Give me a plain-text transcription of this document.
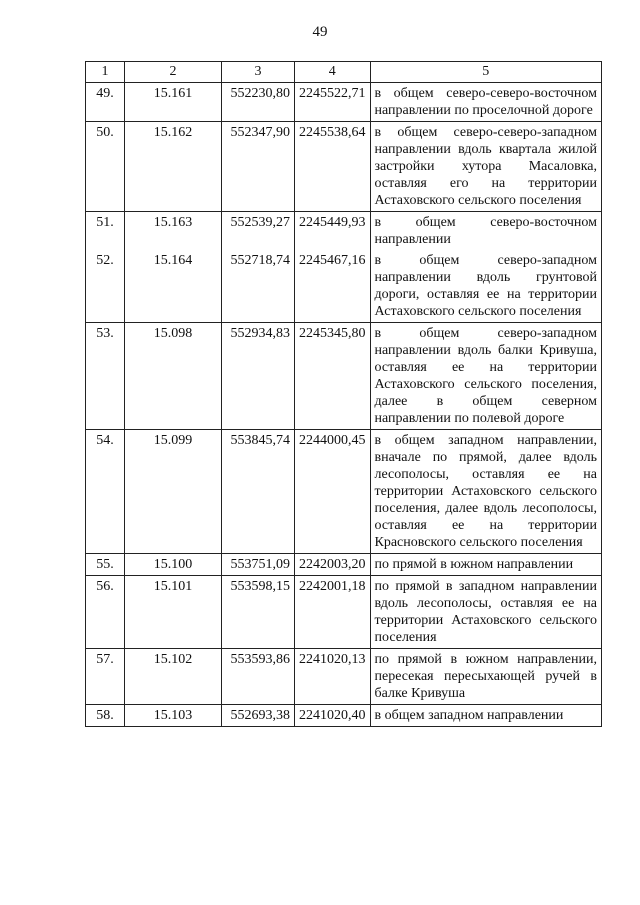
49
1	2	3	4	5
49.	15.161	552230,80	2245522,71	в общем северо-северо-восточном направлении по проселочной дороге
50.	15.162	552347,90	2245538,64	в общем северо-северо-западном направлении вдоль квартала жилой застройки хутора Масаловка, оставляя его на территории Астаховского сельского поселения
51.	15.163	552539,27	2245449,93	в общем северо-восточном направлении
52.	15.164	552718,74	2245467,16	в общем северо-западном направлении вдоль грунтовой дороги, оставляя ее на территории Астаховского сельского поселения
53.	15.098	552934,83	2245345,80	в общем северо-западном направлении вдоль балки Кривуша, оставляя ее на территории Астаховского сельского поселения, далее в общем северном направлении по полевой дороге
54.	15.099	553845,74	2244000,45	в общем западном направлении, вначале по прямой, далее вдоль лесополосы, оставляя ее на территории Астаховского сельского поселения, далее вдоль лесополосы, оставляя ее на территории Красновского сельского поселения
55.	15.100	553751,09	2242003,20	по прямой в южном направлении
56.	15.101	553598,15	2242001,18	по прямой в западном направлении вдоль лесополосы, оставляя ее на территории Астаховского сельского поселения
57.	15.102	553593,86	2241020,13	по прямой в южном направлении, пересекая пересыхающей ручей в балке Кривуша
58.	15.103	552693,38	2241020,40	в общем западном направлении
